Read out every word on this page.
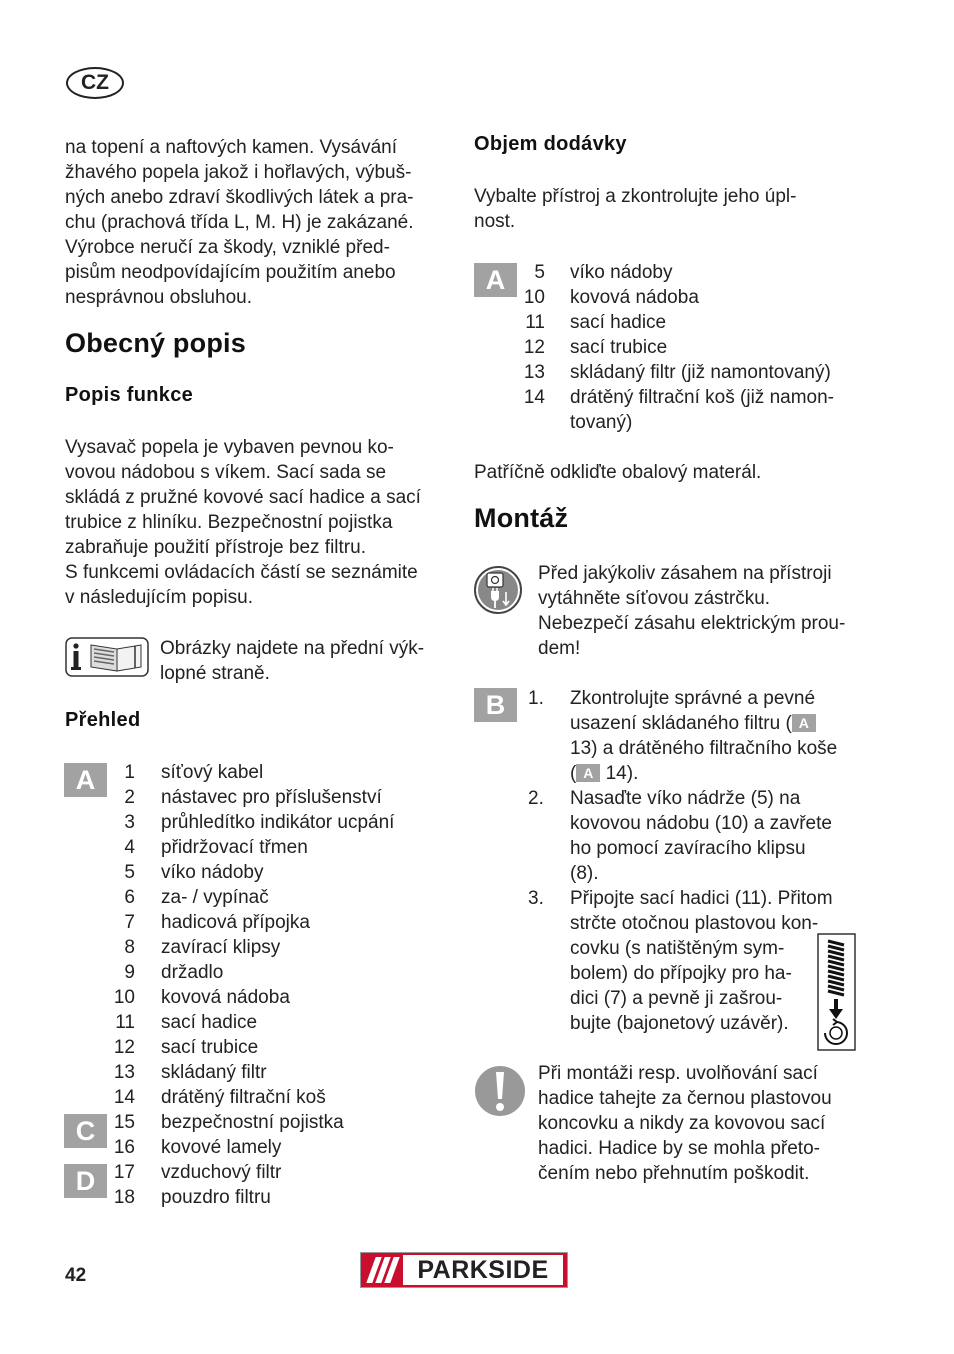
CZ
na topení a naftových kamen. Vysávání
žhavého popela jakož i hořlavých, výbuš-
ných anebo zdraví škodlivých látek a pra-
chu (prachová třída L, M. H) je zakázané.
Výrobce neručí za škody, vzniklé před-
pisům neodpovídajícím použitím anebo
nesprávnou obsluhou.
Obecný popis
Popis funkce
Vysavač popela je vybaven pevnou ko-
vovou nádobou s víkem. Sací sada se
skládá z pružné kovové sací hadice a sací
trubice z hliníku. Bezpečnostní pojistka
zabraňuje použití přístroje bez filtru.
S funkcemi ovládacích částí se seznámite
v následujícím popisu.
Obrázky najdete na přední výk-
lopné straně.
Přehled
A
C
D
1 síťový kabel
2 nástavec pro příslušenství
3 průhledítko indikátor ucpání
4 přidržovací třmen
5 víko nádoby
6 za- / vypínač
7 hadicová přípojka
8 zavírací klipsy
9 držadlo
10 kovová nádoba
11 sací hadice
12 sací trubice
13 skládaný filtr
14 drátěný filtrační koš
15 bezpečnostní pojistka
16 kovové lamely
17 vzduchový filtr
18 pouzdro filtru
Objem dodávky
Vybalte přístroj a zkontrolujte jeho úpl-
nost.
A	5 víko nádoby
10 kovová nádoba
11 sací hadice
12 sací trubice
13 skládaný filtr (již namontovaný)
14 drátěný filtrační koš (již namon-
tovaný)
Patříčně odkliďte obalový materál.
Montáž
Před jakýkoliv zásahem na přístroji
vytáhněte síťovou zástrčku.
Nebezpečí zásahu elektrickým prou-
dem!
B	1. Zkontrolujte správné a pevné
usazení skládaného filtru ( A
13) a drátěného filtračního koše
( A 14).
2. Nasaďte víko nádrže (5) na
kovovou nádobu (10) a zavřete
ho pomocí zavíracího klipsu
(8).
3. Připojte sací hadici (11). Přitom
strčte otočnou plastovou kon-
covku (s natištěným sym-
bolem) do přípojky pro ha-
dici (7) a pevně ji zašrou-
bujte (bajonetový uzávěr).
Při montáži resp. uvolňování sací
hadice tahejte za černou plastovou
koncovku a nikdy za kovovou sací
hadici. Hadice by se mohla přeto-
čením nebo přehnutím poškodit.
42	PARKSIDE
